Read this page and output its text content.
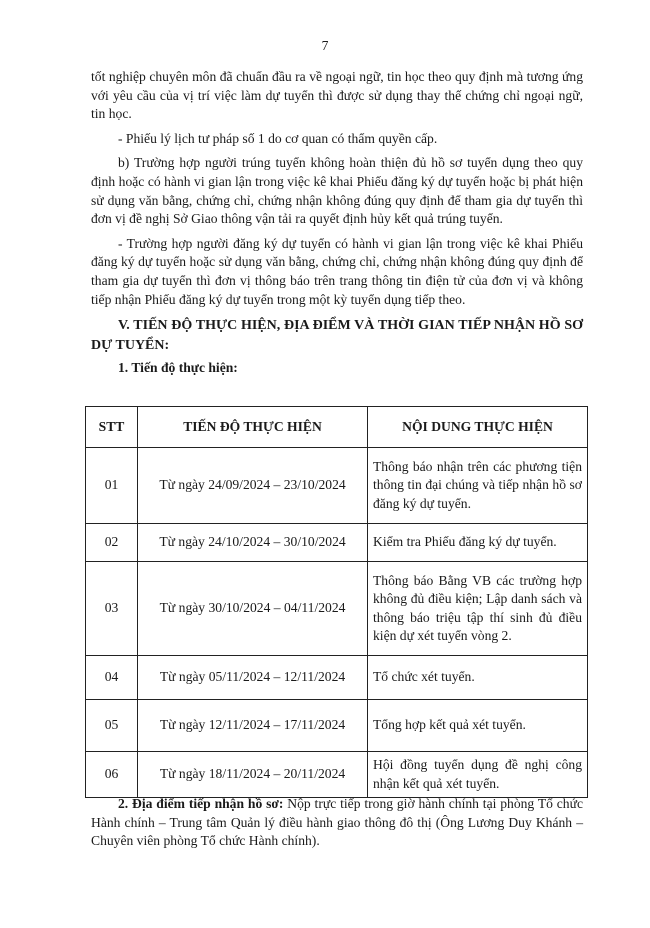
7

tốt nghiệp chuyên môn đã chuẩn đầu ra về ngoại ngữ, tin học theo quy định mà tương ứng với yêu cầu của vị trí việc làm dự tuyển thì được sử dụng thay thế chứng chỉ ngoại ngữ, tin học.

- Phiếu lý lịch tư pháp số 1 do cơ quan có thẩm quyền cấp.

b) Trường hợp người trúng tuyển không hoàn thiện đủ hồ sơ tuyển dụng theo quy định hoặc có hành vi gian lận trong việc kê khai Phiếu đăng ký dự tuyển hoặc bị phát hiện sử dụng văn bằng, chứng chỉ, chứng nhận không đúng quy định để tham gia dự tuyển thì đơn vị đề nghị Sở Giao thông vận tải ra quyết định hủy kết quả trúng tuyển.

- Trường hợp người đăng ký dự tuyển có hành vi gian lận trong việc kê khai Phiếu đăng ký dự tuyển hoặc sử dụng văn bằng, chứng chỉ, chứng nhận không đúng quy định để tham gia dự tuyển thì đơn vị thông báo trên trang thông tin điện tử của đơn vị và không tiếp nhận Phiếu đăng ký dự tuyển trong một kỳ tuyển dụng tiếp theo.

V. TIẾN ĐỘ THỰC HIỆN, ĐỊA ĐIỂM VÀ THỜI GIAN TIẾP NHẬN HỒ SƠ DỰ TUYỂN:

1. Tiến độ thực hiện:

STT	TIẾN ĐỘ THỰC HIỆN	NỘI DUNG THỰC HIỆN
01	Từ ngày 24/09/2024 – 23/10/2024	Thông báo nhận trên các phương tiện thông tin đại chúng và tiếp nhận hồ sơ đăng ký dự tuyển.
02	Từ ngày 24/10/2024 – 30/10/2024	Kiểm tra Phiếu đăng ký dự tuyển.
03	Từ ngày 30/10/2024 – 04/11/2024	Thông báo Bằng VB các trường hợp không đủ điều kiện; Lập danh sách và thông báo triệu tập thí sinh đủ điều kiện dự xét tuyển vòng 2.
04	Từ ngày 05/11/2024 – 12/11/2024	Tổ chức xét tuyển.
05	Từ ngày 12/11/2024 – 17/11/2024	Tổng hợp kết quả xét tuyển.
06	Từ ngày 18/11/2024 – 20/11/2024	Hội đồng tuyển dụng đề nghị công nhận kết quả xét tuyển.

2. Địa điểm tiếp nhận hồ sơ: Nộp trực tiếp trong giờ hành chính tại phòng Tổ chức Hành chính – Trung tâm Quản lý điều hành giao thông đô thị (Ông Lương Duy Khánh – Chuyên viên phòng Tổ chức Hành chính).
